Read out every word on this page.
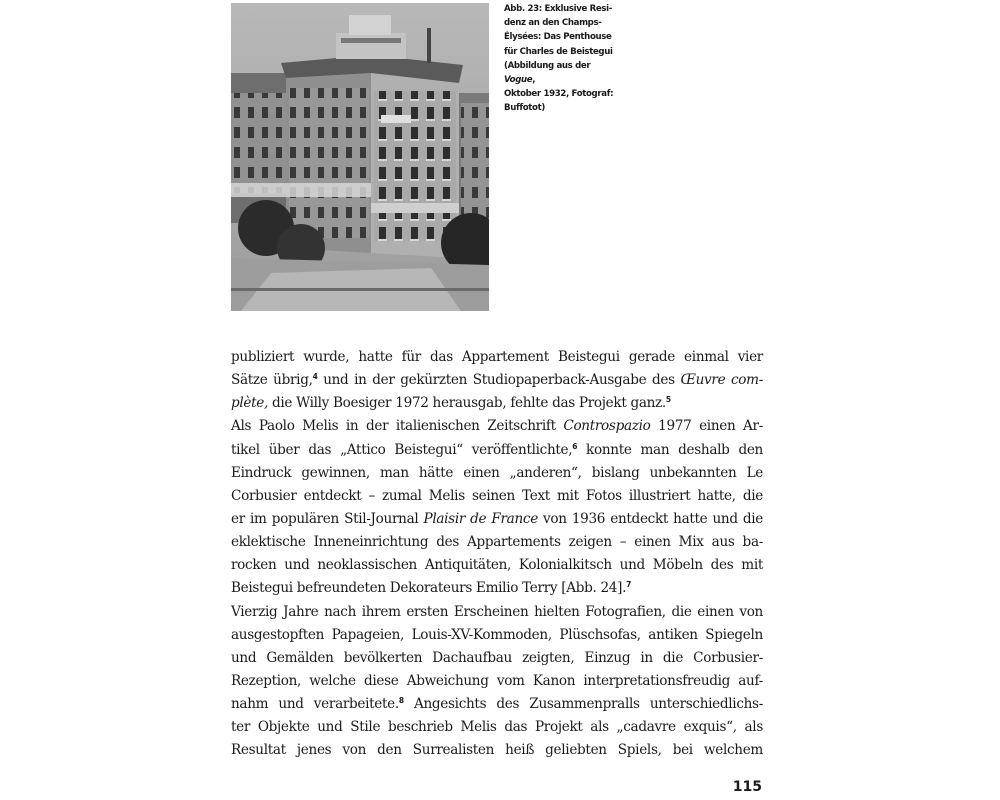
Abb. 23: Exklusive Resi-
denz an den Champs-
Élysées: Das Penthouse
für Charles de Beistegui
(Abbildung aus der Vogue,
Oktober 1932, Fotograf:
Buffotot)
publiziert wurde, hatte für das Appartement Beistegui gerade einmal vier
Sätze übrig,$^4$ und in der gekürzten Studiopaperback-Ausgabe des Œuvre com-
plète, die Willy Boesiger 1972 herausgab, fehlte das Projekt ganz.$^5$
Als Paolo Melis in der italienischen Zeitschrift Controspazio 1977 einen Ar-
tikel über das „Attico Beistegui“ veröffentlichte,$^6$ konnte man deshalb den
Eindruck gewinnen, man hätte einen „anderen“, bislang unbekannten Le
Corbusier entdeckt – zumal Melis seinen Text mit Fotos illustriert hatte, die
er im populären Stil-Journal Plaisir de France von 1936 entdeckt hatte und die
eklektische Inneneinrichtung des Appartements zeigen – einen Mix aus ba-
rocken und neoklassischen Antiquitäten, Kolonialkitsch und Möbeln des mit
Beistegui befreundeten Dekorateurs Emilio Terry [Abb. 24].$^7$
Vierzig Jahre nach ihrem ersten Erscheinen hielten Fotografien, die einen von
ausgestopften Papageien, Louis-XV-Kommoden, Plüschsofas, antiken Spiegeln
und Gemälden bevölkerten Dachaufbau zeigten, Einzug in die Corbusier-
Rezeption, welche diese Abweichung vom Kanon interpretationsfreudig auf-
nahm und verarbeitete.$^8$ Angesichts des Zusammenpralls unterschiedlichs-
ter Objekte und Stile beschrieb Melis das Projekt als „cadavre exquis“, als
Resultat jenes von den Surrealisten heiß geliebten Spiels, bei welchem
115
